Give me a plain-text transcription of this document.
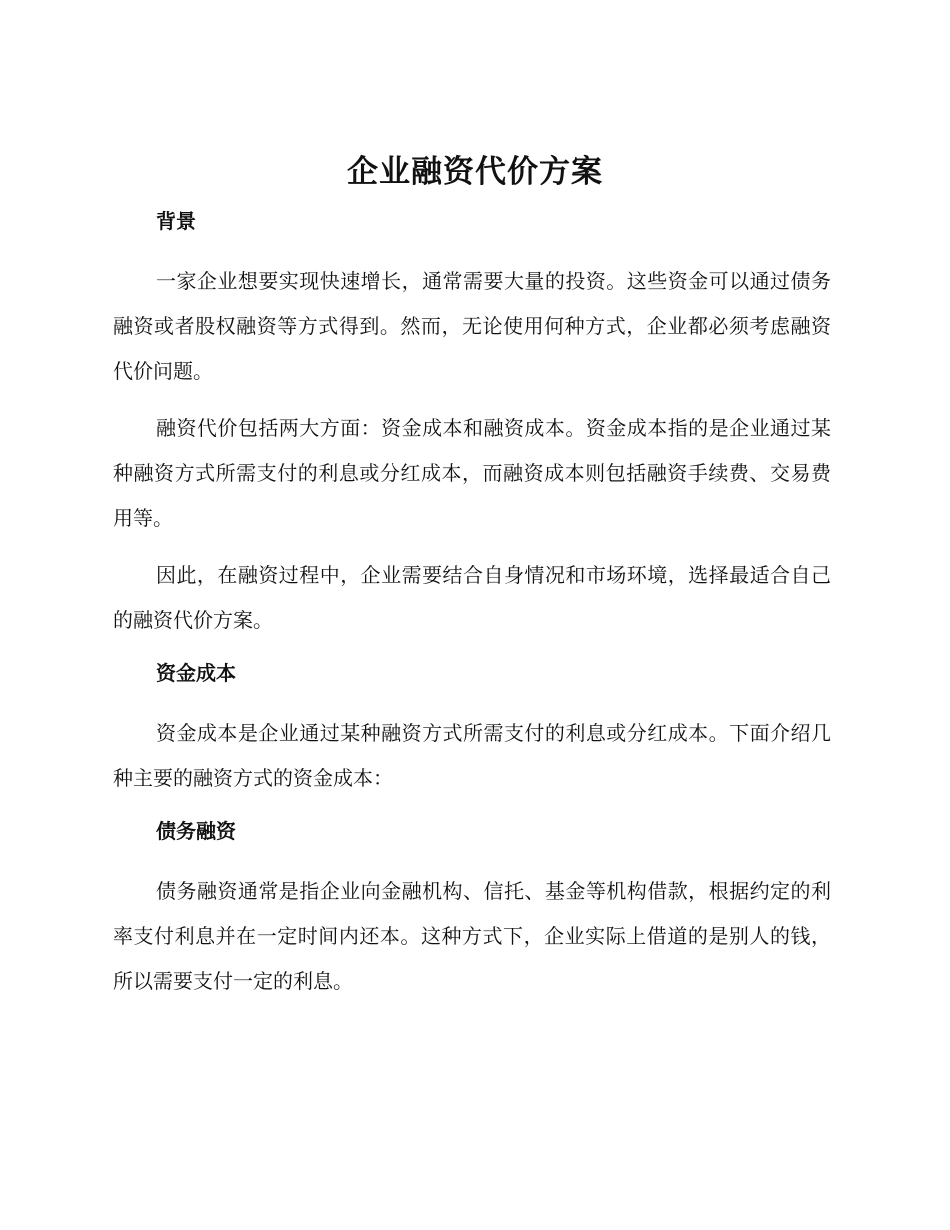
企业融资代价方案

背景

一家企业想要实现快速增长，通常需要大量的投资。这些资金可以通过债务融资或者股权融资等方式得到。然而，无论使用何种方式，企业都必须考虑融资代价问题。

融资代价包括两大方面：资金成本和融资成本。资金成本指的是企业通过某种融资方式所需支付的利息或分红成本，而融资成本则包括融资手续费、交易费用等。

因此，在融资过程中，企业需要结合自身情况和市场环境，选择最适合自己的融资代价方案。

资金成本

资金成本是企业通过某种融资方式所需支付的利息或分红成本。下面介绍几种主要的融资方式的资金成本：

债务融资

债务融资通常是指企业向金融机构、信托、基金等机构借款，根据约定的利率支付利息并在一定时间内还本。这种方式下，企业实际上借道的是别人的钱，所以需要支付一定的利息。
